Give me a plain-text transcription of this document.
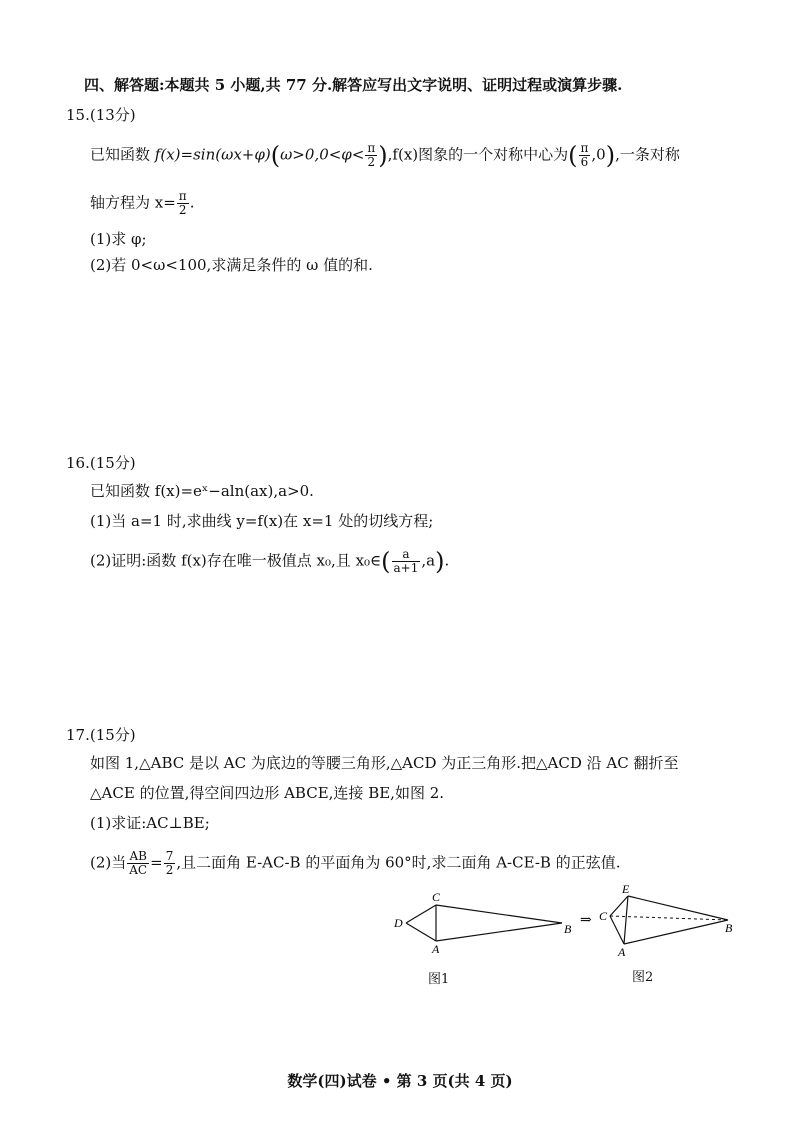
四、解答题:本题共 5 小题,共 77 分.解答应写出文字说明、证明过程或演算步骤.
15.(13分)
已知函数 $f(x)=\sin(\omega x+\varphi)(\omega>0,0<\varphi< \frac{\pi}{2} ),f(x)$图象的一个对称中心为( $\frac{\pi}{6} ,0$),一条对称
轴方程为 $x= \frac{\pi}{2}$ .
(1)求 φ;
(2)若 0<ω<100,求满足条件的 ω 值的和.
16.(15分)
已知函数 f(x)=eˣ−aln(ax),a>0.
(1)当 a=1 时,求曲线 y=f(x)在 x=1 处的切线方程;
(2)证明:函数 f(x)存在唯一极值点 x₀,且 x₀∈( $\frac{a}{a+1} ,a$).
17.(15分)
如图 1,△ABC 是以 AC 为底边的等腰三角形,△ACD 为正三角形.把△ACD 沿 AC 翻折至
△ACE 的位置,得空间四边形 ABCE,连接 BE,如图 2.
(1)求证:AC⊥BE;
(2)当 $\frac{AB}{AC} = \frac{7}{2}$ ,且二面角 E-AC-B 的平面角为 60°时,求二面角 A-CE-B 的正弦值.
C
D
A
B
图1
⇒
E
C
A
B
图2
数学(四)试卷 • 第 3 页(共 4 页)
